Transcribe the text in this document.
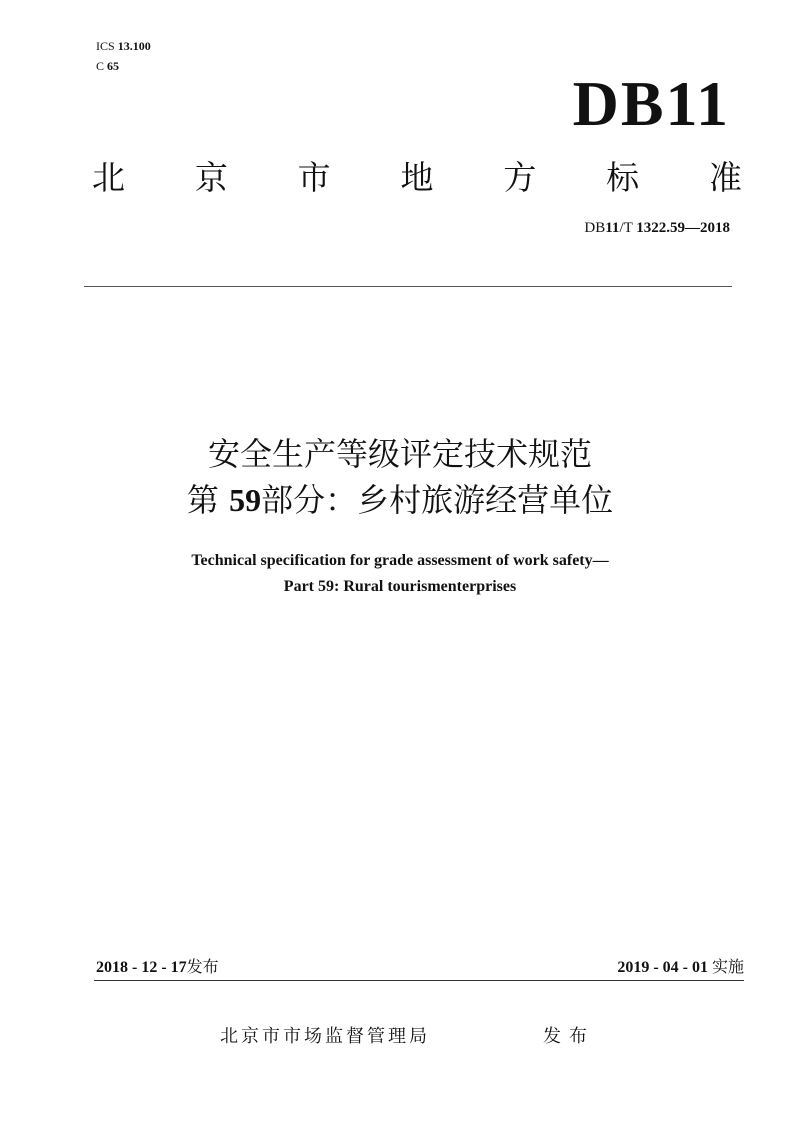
ICS 13.100
C 65
DB11
北 京 市 地 方 标 准
DB11/T 1322.59—2018
安全生产等级评定技术规范
第 59部分：乡村旅游经营单位
Technical specification for grade assessment of work safety—
Part 59: Rural tourismenterprises
2018 - 12 - 17发布	2019 - 04 - 01 实施
北京市市场监督管理局	发布
